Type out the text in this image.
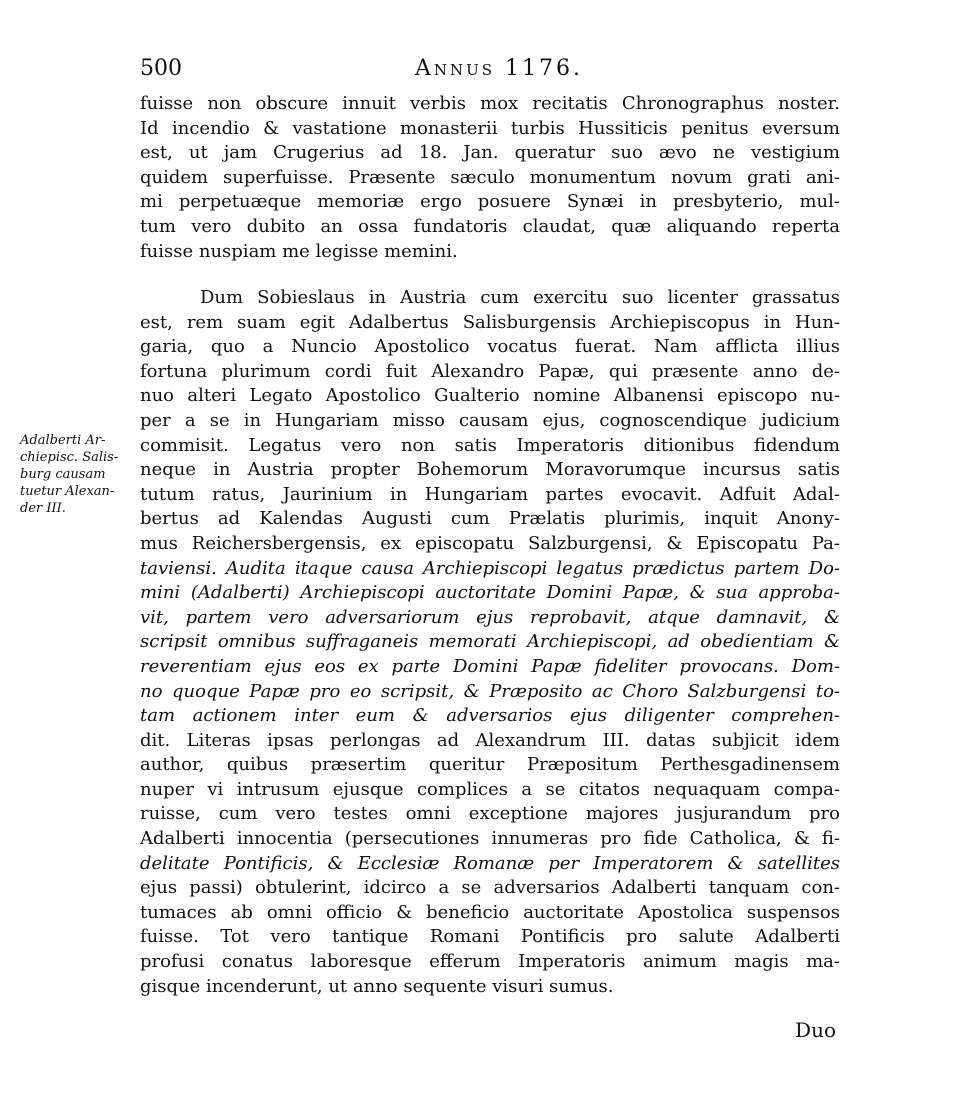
500	Annus 1176.
fuisse non obscure innuit verbis mox recitatis Chronographus noster.
Id incendio & vastatione monasterii turbis Hussiticis penitus eversum
est, ut jam Crugerius ad 18. Jan. queratur suo ævo ne vestigium
quidem superfuisse. Præsente sæculo monumentum novum grati ani-
mi perpetuæque memoriæ ergo posuere Synæi in presbyterio, mul-
tum vero dubito an ossa fundatoris claudat, quæ aliquando reperta
fuisse nuspiam me legisse memini.
Dum Sobieslaus in Austria cum exercitu suo licenter grassatus
est, rem suam egit Adalbertus Salisburgensis Archiepiscopus in Hun-
garia, quo a Nuncio Apostolico vocatus fuerat. Nam afflicta illius
fortuna plurimum cordi fuit Alexandro Papæ, qui præsente anno de-
nuo alteri Legato Apostolico Gualterio nomine Albanensi episcopo nu-
per a se in Hungariam misso causam ejus, cognoscendique judicium
commisit. Legatus vero non satis Imperatoris ditionibus fidendum
neque in Austria propter Bohemorum Moravorumque incursus satis
tutum ratus, Jaurinium in Hungariam partes evocavit. Adfuit Adal-
bertus ad Kalendas Augusti cum Prælatis plurimis, inquit Anony-
mus Reichersbergensis, ex episcopatu Salzburgensi, & Episcopatu Pa-
taviensi. Audita itaque causa Archiepiscopi legatus prædictus partem Do-
mini (Adalberti) Archiepiscopi auctoritate Domini Papæ, & sua approba-
vit, partem vero adversariorum ejus reprobavit, atque damnavit, &
scripsit omnibus suffraganeis memorati Archiepiscopi, ad obedientiam &
reverentiam ejus eos ex parte Domini Papæ fideliter provocans. Dom-
no quoque Papæ pro eo scripsit, & Præposito ac Choro Salzburgensi to-
tam actionem inter eum & adversarios ejus diligenter comprehen-
dit. Literas ipsas perlongas ad Alexandrum III. datas subjicit idem
author, quibus præsertim queritur Præpositum Perthesgadinensem
nuper vi intrusum ejusque complices a se citatos nequaquam compa-
ruisse, cum vero testes omni exceptione majores jusjurandum pro
Adalberti innocentia (persecutiones innumeras pro fide Catholica, & fi-
delitate Pontificis, & Ecclesiæ Romanæ per Imperatorem & satellites
ejus passi) obtulerint, idcirco a se adversarios Adalberti tanquam con-
tumaces ab omni officio & beneficio auctoritate Apostolica suspensos
fuisse. Tot vero tantique Romani Pontificis pro salute Adalberti
profusi conatus laboresque efferum Imperatoris animum magis ma-
gisque incenderunt, ut anno sequente visuri sumus.
Adalberti Ar-
chiepisc. Salis-
burg causam
tuetur Alexan-
der III.
Duo
